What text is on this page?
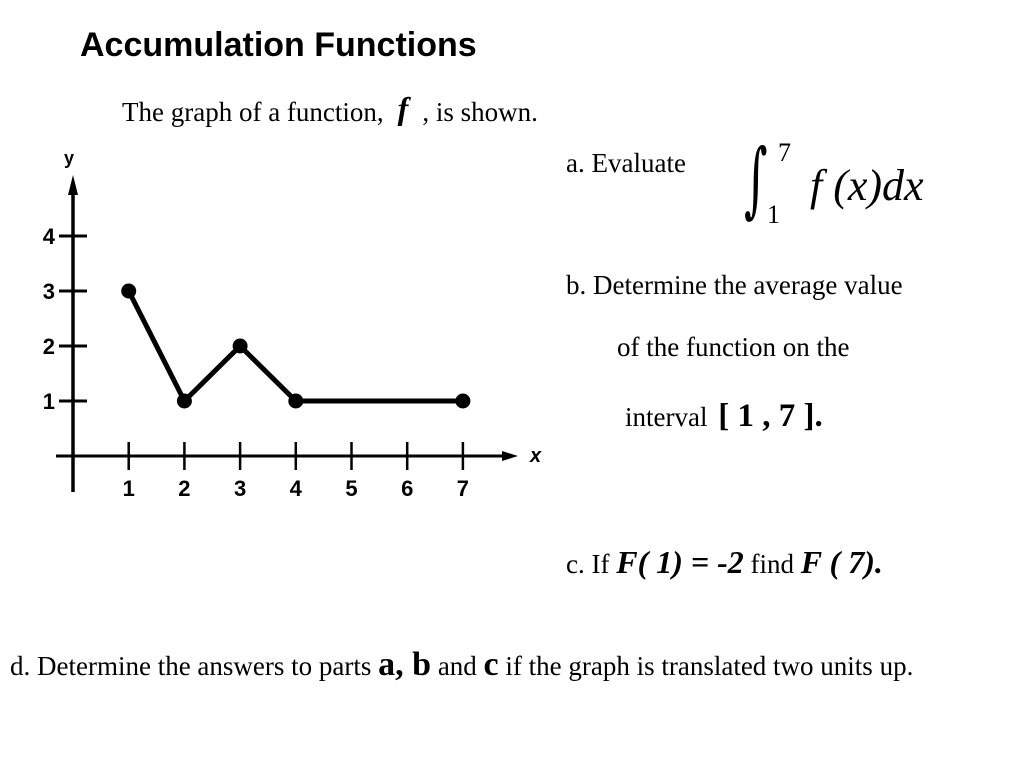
Accumulation Functions
The graph of a function, f , is shown.
y
x
1
2
3
4
1 2 3 4 5 6 7
a. Evaluate ∫ 7
1
f (x)dx
b. Determine the average value
of the function on the
interval [ 1 , 7 ].
c. If F( 1) = -2 find F ( 7).
d. Determine the answers to parts a, b and c if the graph is translated two units up.
